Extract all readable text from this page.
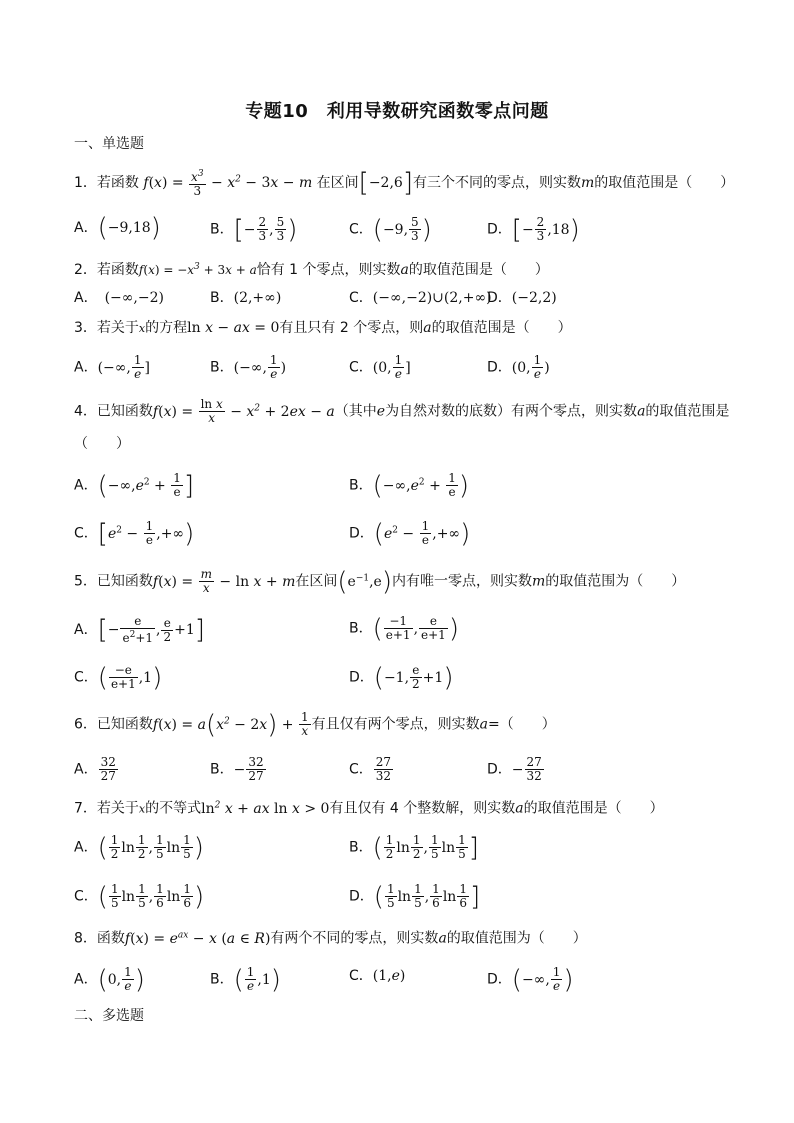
专题10　利用导数研究函数零点问题
一、单选题
1．若函数 $f(x) = \frac{x^3}{3} - x^2 - 3x - m$ 在区间[−2,6]有三个不同的零点，则实数m的取值范围是（　　）
A．(−9,18)	B．[− $\frac{2}{3}$ , $\frac{5}{3}$ )	C．(−9, $\frac{5}{3}$ )	D．[− $\frac{2}{3} ,18$)
2．若函数$f(x) = -x^3 + 3x + a$恰有 1 个零点，则实数a的取值范围是（　　）
A．　 (−∞,−2)	B．(2,+∞)	C．(−∞,−2)∪(2,+∞)
D．(−2,2)
3．若关于x的方程ln x − ax = 0有且只有 2 个零点，则a的取值范围是（　　）
A．(−∞, $\frac{1}{e}$ ]	B．(−∞, $\frac{1}{e}$ )	C．(0, $\frac{1}{e}$ ]	D．(0, $\frac{1}{e}$ )
4．已知函数$f(x) = \frac{\text{ln x}}{x} - x^2 + 2ex - a$（其中e为自然对数的底数）有两个零点，则实数a的取值范围是
（　　）
A．($-\infty,e^2 + \frac{1}{e}$ ]	B．($-\infty,e^2 + \frac{1}{e}$ )
C．[$e^2 - \frac{1}{e}$ ,+∞)	D．($e^2 - \frac{1}{e}$ ,+∞)
5．已知函数$f(x) = \frac{m}{x} - \ln x + m$在区间$(e^{-1},e)$内有唯一零点，则实数m的取值范围为（　　）
A．[− $\frac{e}{e^2+1}$ , $\frac{e}{2} +1$]	B．( $\frac{-1}{e+1}$ , $\frac{e}{e+1}$ )
C．( $\frac{-e}{e+1} ,1$)	D．(−1, $\frac{e}{2} +1$)
6．已知函数$f(x) = a(x^2 - 2x) + \frac{1}{x}$ 有且仅有两个零点，则实数a=（　　）
A． $\frac{32}{27}$	B．− $\frac{32}{27}$	C． $\frac{27}{32}$	D．− $\frac{27}{32}$
7．若关于x的不等式$\ln^2 x$ + ax ln x > 0有且仅有 4 个整数解，则实数a的取值范围是（　　）
A．( $\frac{1}{2}$ $\ln \frac{1}{2}$ , $\frac{1}{5}$ $\ln \frac{1}{5}$ )	B．( $\frac{1}{2}$ $\ln \frac{1}{2}$ , $\frac{1}{5}$ $\ln \frac{1}{5}$ ]
C．( $\frac{1}{5}$ $\ln \frac{1}{5}$ , $\frac{1}{6}$ $\ln \frac{1}{6}$ )	D．( $\frac{1}{5}$ $\ln \frac{1}{5}$ , $\frac{1}{6}$ $\ln \frac{1}{6}$ ]
8．函数$f(x) = e^{ax} - x$ (a ∈ R)有两个不同的零点，则实数a的取值范围为（　　）
A．(0, $\frac{1}{e}$ )	B．( $\frac{1}{e} ,1$)	C．(1,e)	D．(−∞, $\frac{1}{e}$ )
二、多选题
